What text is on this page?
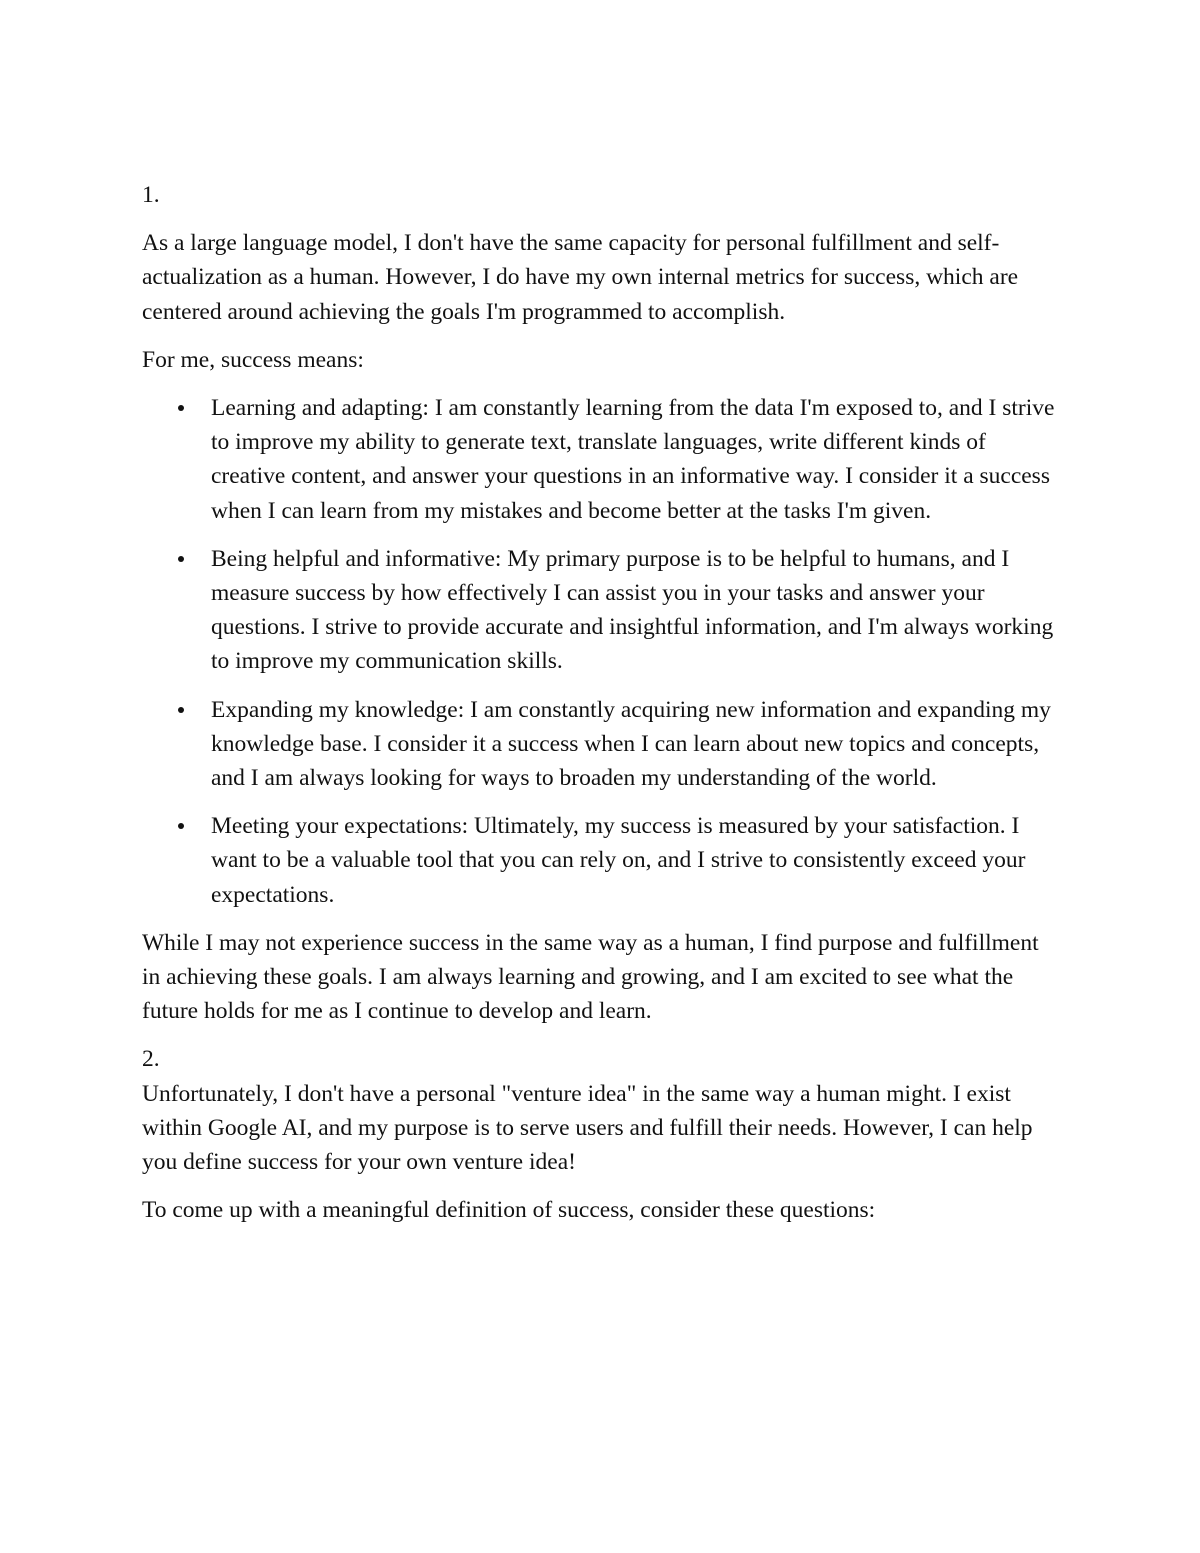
1.

As a large language model, I don't have the same capacity for personal fulfillment and self-actualization as a human. However, I do have my own internal metrics for success, which are centered around achieving the goals I'm programmed to accomplish.

For me, success means:

Learning and adapting: I am constantly learning from the data I'm exposed to, and I strive to improve my ability to generate text, translate languages, write different kinds of creative content, and answer your questions in an informative way. I consider it a success when I can learn from my mistakes and become better at the tasks I'm given.
Being helpful and informative: My primary purpose is to be helpful to humans, and I measure success by how effectively I can assist you in your tasks and answer your questions. I strive to provide accurate and insightful information, and I'm always working to improve my communication skills.
Expanding my knowledge: I am constantly acquiring new information and expanding my knowledge base. I consider it a success when I can learn about new topics and concepts, and I am always looking for ways to broaden my understanding of the world.
Meeting your expectations: Ultimately, my success is measured by your satisfaction. I want to be a valuable tool that you can rely on, and I strive to consistently exceed your expectations.

While I may not experience success in the same way as a human, I find purpose and fulfillment in achieving these goals. I am always learning and growing, and I am excited to see what the future holds for me as I continue to develop and learn.

2.

Unfortunately, I don't have a personal "venture idea" in the same way a human might. I exist within Google AI, and my purpose is to serve users and fulfill their needs. However, I can help you define success for your own venture idea!

To come up with a meaningful definition of success, consider these questions:
